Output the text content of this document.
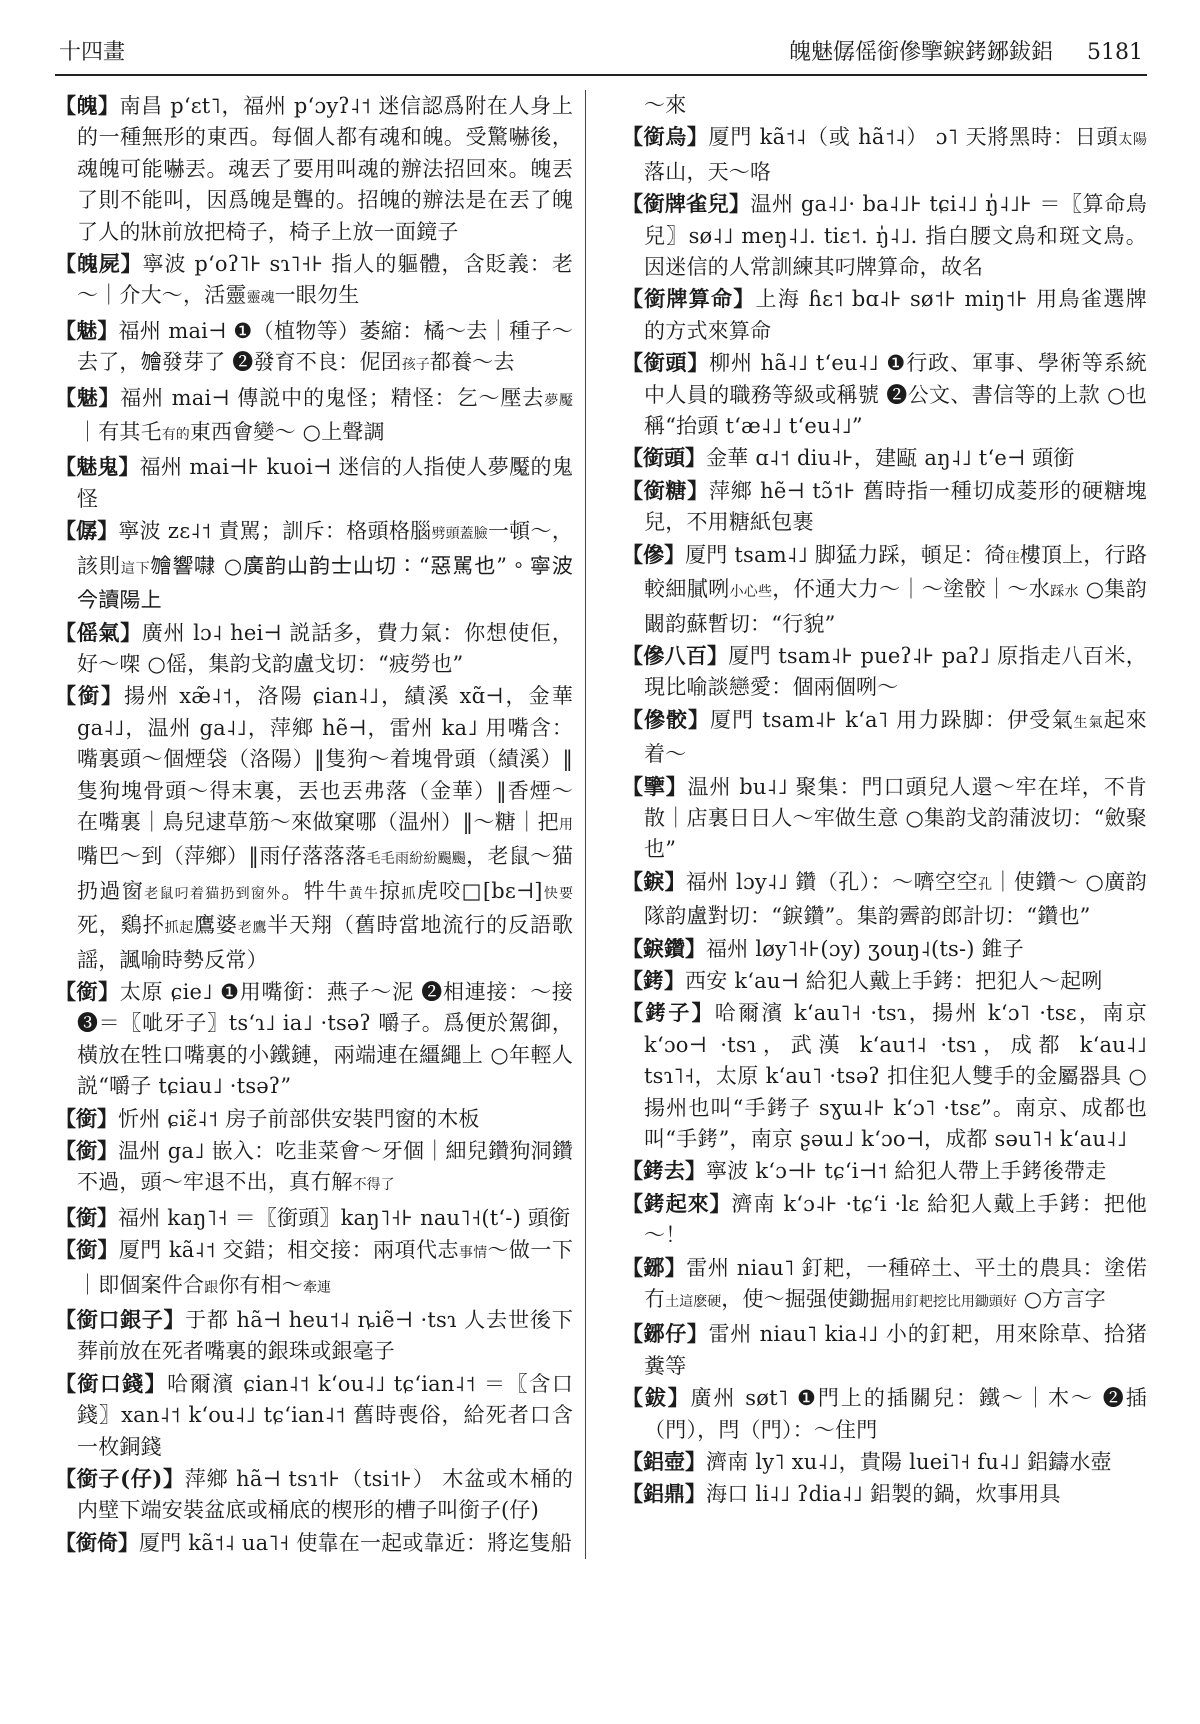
十四畫	魄魅僝傜銜傪擥錑銬鋣鈸鋁 5181

【魄】南昌 pʻɛt˥，福州 pʻɔyʔ˨˦ 迷信認爲附在人身上的一種無形的東西。每個人都有魂和魄。受驚嚇後，魂魄可能嚇丟。魂丟了要用叫魂的辦法招回來。魄丟了則不能叫，因爲魄是聾的。招魄的辦法是在丟了魄了人的牀前放把椅子，椅子上放一面鏡子

【魄屍】寧波 pʻoʔ˥⊦ sɿ˥˧⊦ 指人的軀體，含貶義：老～｜介大～，活靈靈魂一眼勿生

【魅】福州 mai⊣ ❶（植物等）萎縮：橘～去｜種子～去了，𣍐發芽了 ❷發育不良：伲囝孩子都養～去

【魅】福州 mai⊣ 傳説中的鬼怪；精怪：乞～壓去夢魘｜有其乇有的東西會變～ ○上聲調

【魅鬼】福州 mai⊣⊦ kuoi⊣ 迷信的人指使人夢魘的鬼怪

【僝】寧波 zɛ˨˦ 責駡；訓斥：格頭格腦劈頭蓋臉一頓～，該則這下𣍐響㘑 ○廣韵山韵士山切：“惡駡也”。寧波今讀陽上

【傜氣】廣州 lɔ˨ hei⊣ 説話多，費力氣：你想使佢，好～㗎 ○傜，集韵戈韵盧戈切：“疲勞也”

【銜】揚州 xæ̃˨˦，洛陽 ɕian˨˩，績溪 xɑ̃⊣，金華 ga˨˩，温州 ga˨˩，萍鄉 hẽ⊣，雷州 ka˩ 用嘴含：嘴裏頭～個煙袋（洛陽）‖隻狗～着塊骨頭（績溪）‖隻狗塊骨頭～得末裏，丟也丟弗落（金華）‖香煙～在嘴裏｜鳥兒逮草筋～來做窠哪（温州）‖～糖｜把用嘴巴～到（萍鄉）‖雨仔落落落毛毛雨紛紛颺颺，老鼠～猫扔過窗老鼠叼着猫扔到窗外。牪牛黄牛掠抓虎咬□[bɛ⊣]快要死，鷄抔抓起鷹婆老鷹半天翔（舊時當地流行的反語歌謡，諷喻時勢反常）

【銜】太原 ɕie˩ ❶用嘴銜：燕子～泥 ❷相連接：～接 ❸＝〖呲牙子〗tsʻɿ˩ ia˩ ·tsəʔ 嚼子。爲便於駕御，橫放在牲口嘴裏的小鐵鏈，兩端連在繮繩上 ○年輕人説“嚼子 tɕiau˩ ·tsəʔ”

【銜】忻州 ɕiɛ̃˨˦ 房子前部供安裝門窗的木板

【銜】温州 ga˩ 嵌入：吃韭菜會～牙個｜細兒鑽狗洞鑽不過，頭～牢退不出，真冇解不得了

【銜】福州 kaŋ˥˧ ＝〖銜頭〗kaŋ˥˧⊦ nau˥˧(tʻ-) 頭銜

【銜】厦門 kã˨˦ 交錯；相交接：兩項代志事情～做一下｜即個案件合跟你有相～牽連

【銜口銀子】于都 hã⊣ heu˦˨ ȵiẽ⊣ ·tsɿ 人去世後下葬前放在死者嘴裏的銀珠或銀毫子

【銜口錢】哈爾濱 ɕian˨˦ kʻou˨˩ tɕʻian˨˦ ＝〖含口錢〗xan˨˦ kʻou˨˩ tɕʻian˨˦ 舊時喪俗，給死者口含一枚銅錢

【銜子(仔)】萍鄉 hã⊣ tsɿ˦⊦（tsi˦⊦） 木盆或木桶的内壁下端安裝盆底或桶底的楔形的槽子叫銜子(仔)

【銜倚】厦門 kã˦˨ ua˥˧ 使靠在一起或靠近：將迄隻船

～來

【銜烏】厦門 kã˦˨（或 hã˦˨） ɔ˥ 天將黑時：日頭太陽落山，天～咯

【銜牌雀兒】温州 ga˨˩· ba˨˩⊦ tɕi˨˩ ŋ̍˨˩⊦ ＝〖算命鳥兒〗sø˨˩ meŋ˨˩. tiɛ˦. ŋ̍˨˩. 指白腰文鳥和斑文鳥。因迷信的人常訓練其叼牌算命，故名

【銜牌算命】上海 ɦɛ˦ bɑ˨⊦ sø˦⊦ miŋ˦⊦ 用鳥雀選牌的方式來算命

【銜頭】柳州 hã˨˩ tʻeu˨˩ ❶行政、軍事、學術等系統中人員的職務等級或稱號 ❷公文、書信等的上款 ○也稱“抬頭 tʻæ˨˩ tʻeu˨˩”

【銜頭】金華 ɑ˨˦ diu˨⊦，建甌 aŋ˨˩ tʻe⊣ 頭銜

【銜糖】萍鄉 hẽ⊣ tɔ̃˦⊦ 舊時指一種切成菱形的硬糖塊兒，不用糖紙包裹

【傪】厦門 tsam˨˩ 脚猛力踩，頓足：徛住樓頂上，行路較細膩咧小心些，伓通大力～｜～塗骹｜～水踩水 ○集韵闞韵蘇暫切：“行貌”

【傪八百】厦門 tsam˨⊦ pueʔ˨⊦ paʔ˩ 原指走八百米，現比喻談戀愛：個兩個咧～

【傪骹】厦門 tsam˨⊦ kʻa˥ 用力跺脚：伊受氣生氣起來着～

【擥】温州 bu˨˩ 聚集：門口頭兒人還～牢在垟，不肯散｜店裏日日人～牢做生意 ○集韵戈韵蒲波切：“斂聚也”

【錑】福州 lɔy˨˩ 鑽（孔）：～嚌空空孔｜使鑽～ ○廣韵隊韵盧對切：“錑鑽”。集韵霽韵郎計切：“鑽也”

【錑鑽】福州 løy˥˧⊦(ɔy) ʒouŋ˨(ts-) 錐子

【銬】西安 kʻau⊣ 給犯人戴上手銬：把犯人～起咧

【銬子】哈爾濱 kʻau˥˧ ·tsɿ，揚州 kʻɔ˥ ·tsɛ，南京 kʻɔo⊣ ·tsɿ，武漢 kʻau˦˨ ·tsɿ，成都 kʻau˨˩ tsɿ˥˧，太原 kʻau˥ ·tsəʔ 扣住犯人雙手的金屬器具 ○揚州也叫“手銬子 sɣɯ˨⊦ kʻɔ˥ ·tsɛ”。南京、成都也叫“手銬”，南京 ʂəɯ˩ kʻɔo⊣，成都 səu˥˧ kʻau˨˩

【銬去】寧波 kʻɔ⊣⊦ tɕʻi⊣˦ 給犯人帶上手銬後帶走

【銬起來】濟南 kʻɔ˨⊦ ·tɕʻi ·lɛ 給犯人戴上手銬：把他～！

【鋣】雷州 niau˥ 釘耙，一種碎土、平土的農具：塗偌冇土這麽硬，使～掘强使鋤掘用釘耙挖比用鋤頭好 ○方言字

【鋣仔】雷州 niau˥ kia˨˩ 小的釘耙，用來除草、拾猪糞等

【鈸】廣州 søt˥ ❶門上的插關兒：鐵～｜木～ ❷插（門），閂（門）：～住門

【鋁壺】濟南 ly˥ xu˨˩，貴陽 luei˥˧ fu˨˩ 鋁鑄水壺

【鋁鼎】海口 li˨˩ ʔdia˨˩ 鋁製的鍋，炊事用具
